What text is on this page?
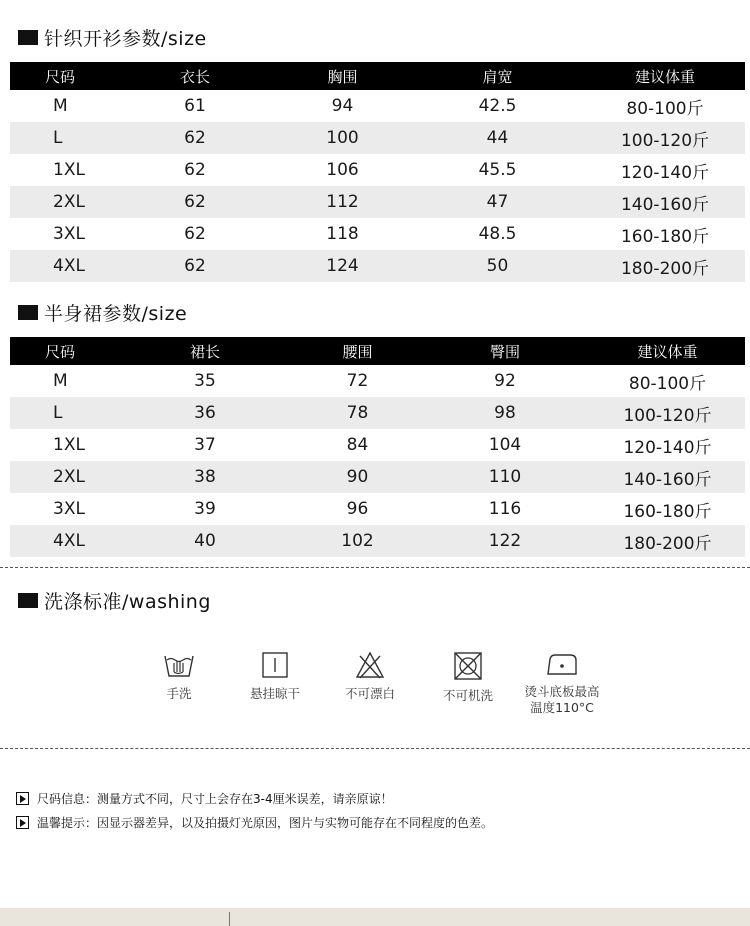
针织开衫参数/size
尺码	衣长	胸围	肩宽	建议体重
M	61	94	42.5	80-100斤
L	62	100	44	100-120斤
1XL	62	106	45.5	120-140斤
2XL	62	112	47	140-160斤
3XL	62	118	48.5	160-180斤
4XL	62	124	50	180-200斤
半身裙参数/size
尺码	裙长	腰围	臀围	建议体重
M	35	72	92	80-100斤
L	36	78	98	100-120斤
1XL	37	84	104	120-140斤
2XL	38	90	110	140-160斤
3XL	39	96	116	160-180斤
4XL	40	102	122	180-200斤
洗涤标准/washing
手洗	悬挂晾干	不可漂白	不可机洗	烫斗底板最高
温度110°C
尺码信息：测量方式不同，尺寸上会存在3-4厘米误差，请亲原谅！
温馨提示：因显示器差异，以及拍摄灯光原因，图片与实物可能存在不同程度的色差。
